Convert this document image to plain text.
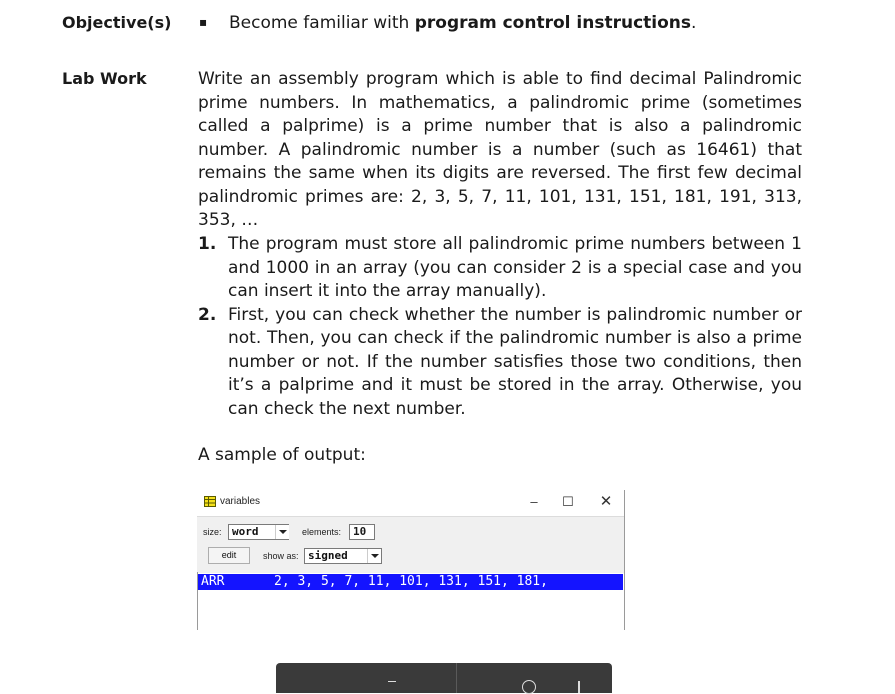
Objective(s) ▪ Become familiar with program control instructions.
Lab Work	Write an assembly program which is able to find decimal Palindromic prime numbers. In mathematics, a palindromic prime (sometimes called a palprime) is a prime number that is also a palindromic number. A palindromic number is a number (such as 16461) that remains the same when its digits are reversed. The first few decimal palindromic primes are: 2, 3, 5, 7, 11, 101, 131, 151, 181, 191, 313, 353, …

1. The program must store all palindromic prime numbers between 1 and 1000 in an array (you can consider 2 is a special case and you can insert it into the array manually).
2. First, you can check whether the number is palindromic number or not. Then, you can check if the palindromic number is also a prime number or not. If the number satisfies those two conditions, then it’s a palprime and it must be stored in the array. Otherwise, you can check the next number.
A sample of output:
variables	–	☐ ✕
size: word	elements:	10
edit	show as: signed
ARR	2, 3, 5, 7, 11, 101, 131, 151, 181,
